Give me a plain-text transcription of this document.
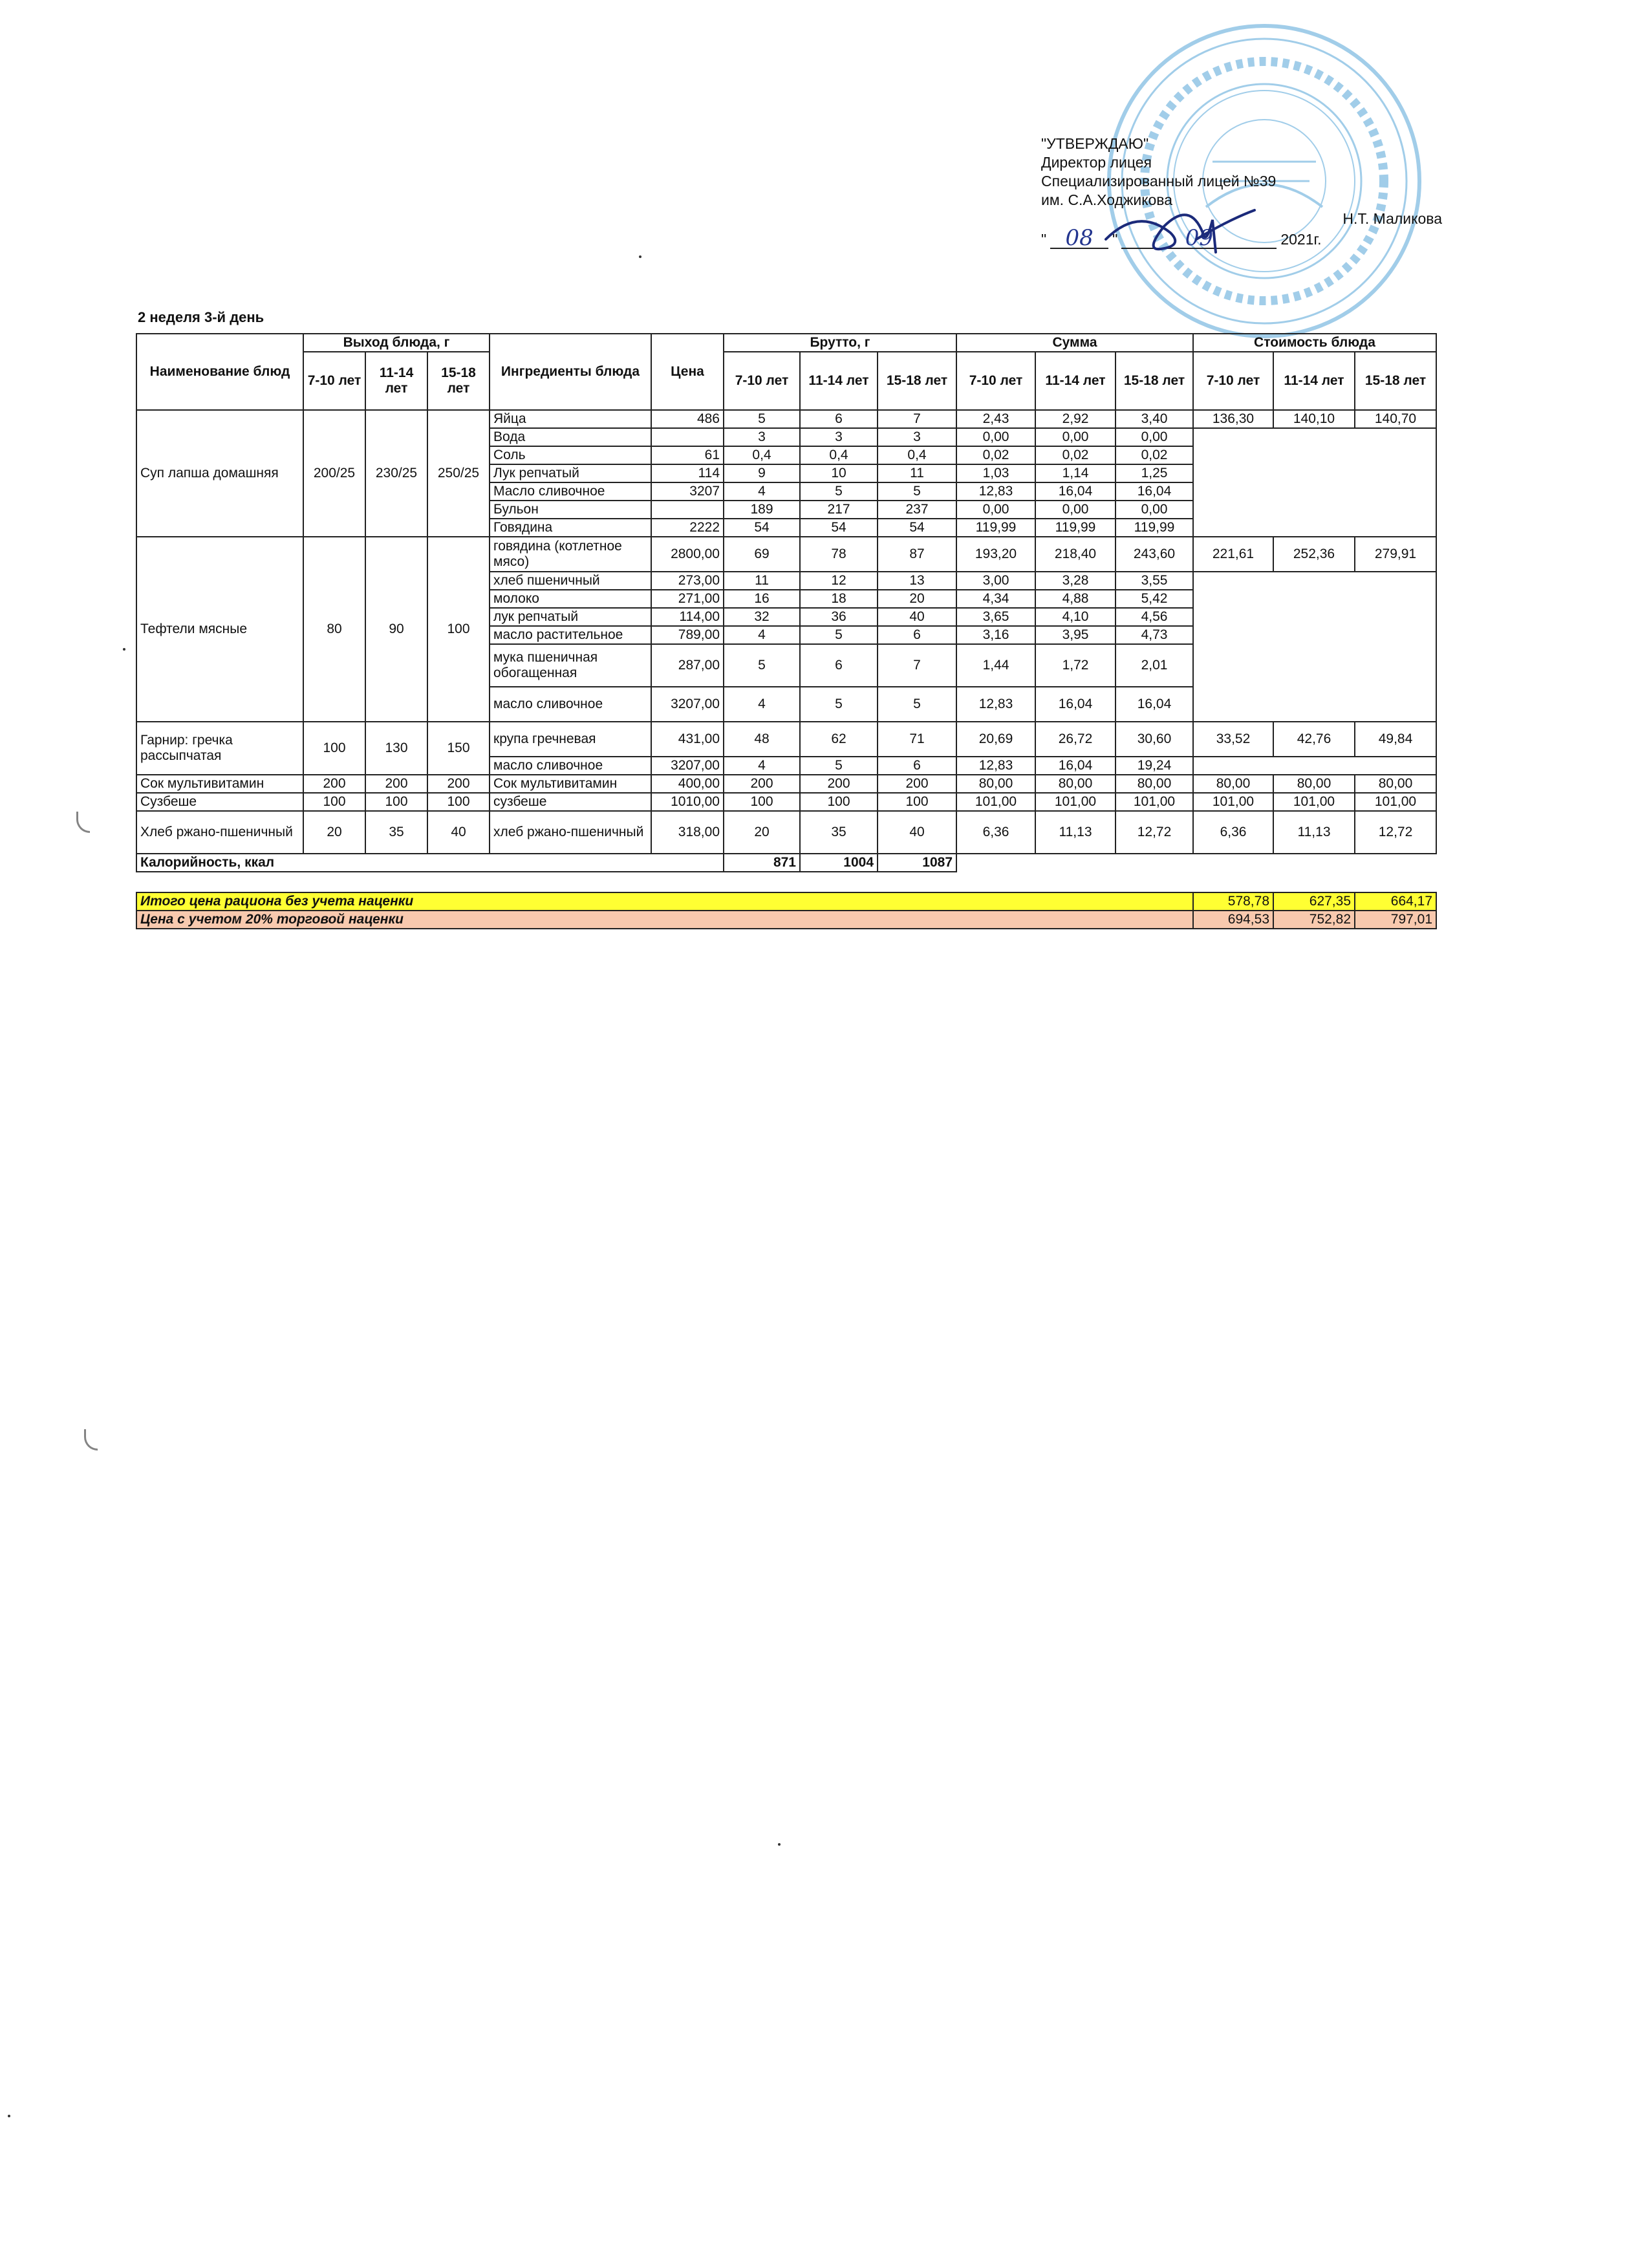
"УТВЕРЖДАЮ"
Директор лицея
Специализированный лицей №39
им. С.А.Ходжикова
Н.Т. Маликова
" 08	"	09	2021г.
2 неделя 3-й день
Наименование блюд	Выход блюда, г			Ингредиенты блюда	Цена	Брутто, г			Сумма			Стоимость блюда		
	7-10 лет	11-14 лет	15-18 лет			7-10 лет	11-14 лет	15-18 лет	7-10 лет	11-14 лет	15-18 лет	7-10 лет	11-14 лет	15-18 лет
Суп лапша домашняя	200/25	230/25	250/25	Яйца	486	5	6	7	2,43	2,92	3,40	136,30	140,10	140,70
				Вода		3	3	3	0,00	0,00	0,00			
				Соль	61	0,4	0,4	0,4	0,02	0,02	0,02			
				Лук репчатый	114	9	10	11	1,03	1,14	1,25			
				Масло сливочное	3207	4	5	5	12,83	16,04	16,04			
				Бульон		189	217	237	0,00	0,00	0,00			
				Говядина	2222	54	54	54	119,99	119,99	119,99			
Тефтели мясные	80	90	100	говядина (котлетное мясо)	2800,00	69	78	87	193,20	218,40	243,60	221,61	252,36	279,91
				хлеб пшеничный	273,00	11	12	13	3,00	3,28	3,55			
				молоко	271,00	16	18	20	4,34	4,88	5,42			
				лук репчатый	114,00	32	36	40	3,65	4,10	4,56			
				масло растительное	789,00	4	5	6	3,16	3,95	4,73			
				мука пшеничная обогащенная	287,00	5	6	7	1,44	1,72	2,01			
				масло сливочное	3207,00	4	5	5	12,83	16,04	16,04			
Гарнир: гречка рассыпчатая	100	130	150	крупа гречневая	431,00	48	62	71	20,69	26,72	30,60	33,52	42,76	49,84
				масло сливочное	3207,00	4	5	6	12,83	16,04	19,24			
Сок мультивитамин	200	200	200	Сок мультивитамин	400,00	200	200	200	80,00	80,00	80,00	80,00	80,00	80,00
Сузбеше	100	100	100	сузбеше	1010,00	100	100	100	101,00	101,00	101,00	101,00	101,00	101,00
Хлеб ржано-пшеничный	20	35	40	хлеб ржано-пшеничный	318,00	20	35	40	6,36	11,13	12,72	6,36	11,13	12,72
Калорийность, ккал						871	1004	1087						

Итого цена рациона без учета наценки												578,78	627,35	664,17
Цена с учетом 20% торговой наценки												694,53	752,82	797,01
